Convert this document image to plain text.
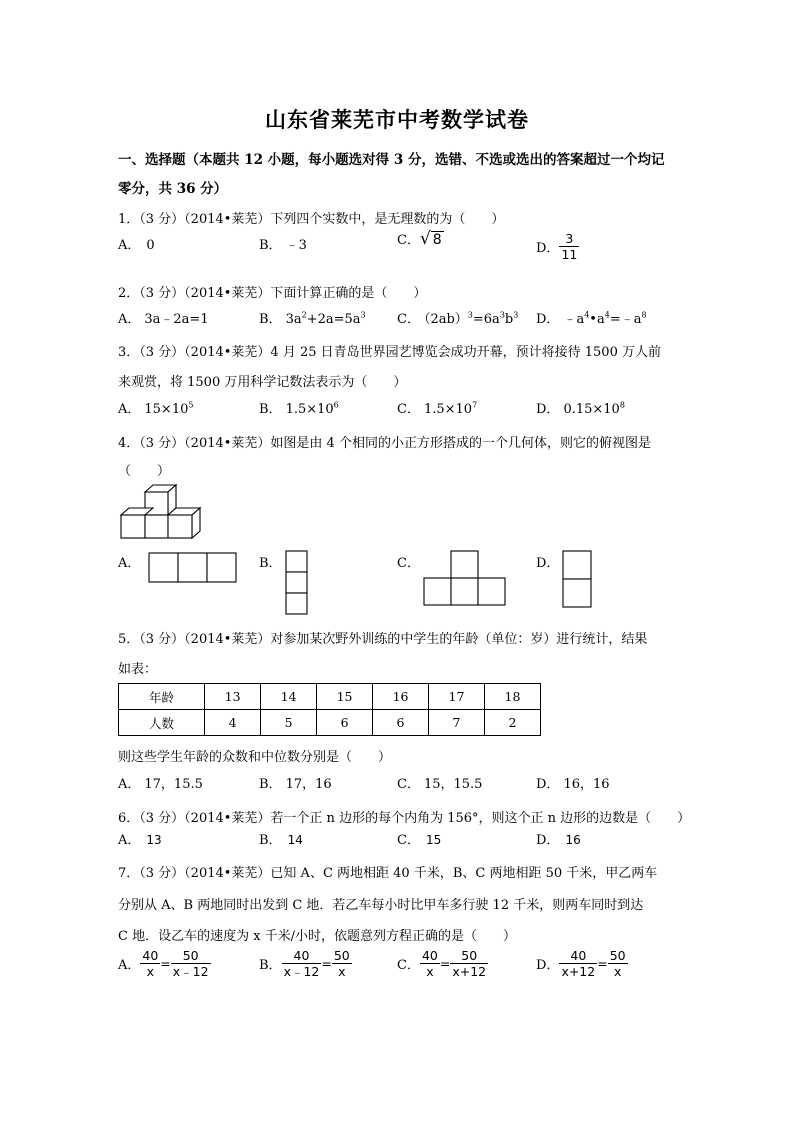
山东省莱芜市中考数学试卷
一、选择题（本题共 12 小题，每小题选对得 3 分，选错、不选或选出的答案超过一个均记
零分，共 36 分）
1．（3 分）（2014•莱芜）下列四个实数中，是无理数的为（　　）
A． 0	B． ﹣3	C．√ 8
D． $\frac{3}{11}$
2．（3 分）（2014•莱芜）下面计算正确的是（　　）
A． 3a﹣2a=1	B． $3a^2+2a=5a^3$ C． $(2ab)^3=6a^3b^3$ D． $﹣a^4•a^4=﹣a^8$
3．（3 分）（2014•莱芜）4 月 25 日青岛世界园艺博览会成功开幕，预计将接待 1500 万人前
来观赏，将 1500 万用科学记数法表示为（　　）
A． $15\times 10^5$	B． $1.5\times 10^6$	C． $1.5\times 10^7$	D． $0.15\times 10^8$
4．（3 分）（2014•莱芜）如图是由 4 个相同的小正方形搭成的一个几何体，则它的俯视图是
（　　）
A．	B．	C．	D．
5．（3 分）（2014•莱芜）对参加某次野外训练的中学生的年龄（单位：岁）进行统计，结果
如表：
年龄	13	14	15	16	17	18
人数	4	5	6	6	7	2
则这些学生年龄的众数和中位数分别是（　　）
A． 17，15.5	B． 17，16	C． 15，15.5	D． 16，16
6．（3 分）（2014•莱芜）若一个正 n 边形的每个内角为 156°，则这个正 n 边形的边数是（　　）
A． 13	B． 14	C． 15	D． 16
7．（3 分）（2014•莱芜）已知 A、C 两地相距 40 千米，B、C 两地相距 50 千米，甲乙两车
分别从 A、B 两地同时出发到 C 地．若乙车每小时比甲车多行驶 12 千米，则两车同时到达
C 地．设乙车的速度为 x 千米/小时，依题意列方程正确的是（　　）
A． $\frac{40}{x} = \frac{50}{x﹣12}$	B． $\frac{40}{x﹣12} = \frac{50}{x}$	C． $\frac{40}{x} = \frac{50}{x+12}$	D． $\frac{40}{x+12} = \frac{50}{x}$
